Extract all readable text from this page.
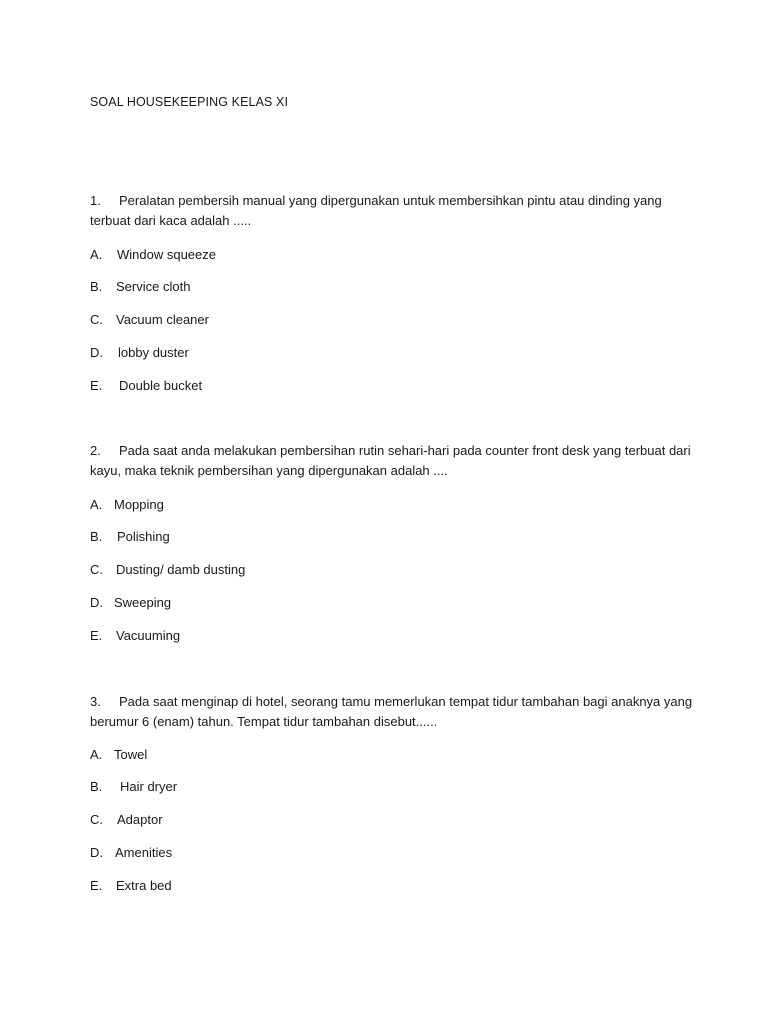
SOAL HOUSEKEEPING KELAS XI
1. Peralatan pembersih manual yang dipergunakan untuk membersihkan pintu atau dinding yang
terbuat dari kaca adalah .....
A. Window squeeze
B. Service cloth
C. Vacuum cleaner
D. lobby duster
E. Double bucket
2. Pada saat anda melakukan pembersihan rutin sehari-hari pada counter front desk yang terbuat dari
kayu, maka teknik pembersihan yang dipergunakan adalah ....
A. Mopping
B. Polishing
C. Dusting/ damb dusting
D. Sweeping
E. Vacuuming
3. Pada saat menginap di hotel, seorang tamu memerlukan tempat tidur tambahan bagi anaknya yang
berumur 6 (enam) tahun. Tempat tidur tambahan disebut......
A. Towel
B. Hair dryer
C. Adaptor
D. Amenities
E. Extra bed
